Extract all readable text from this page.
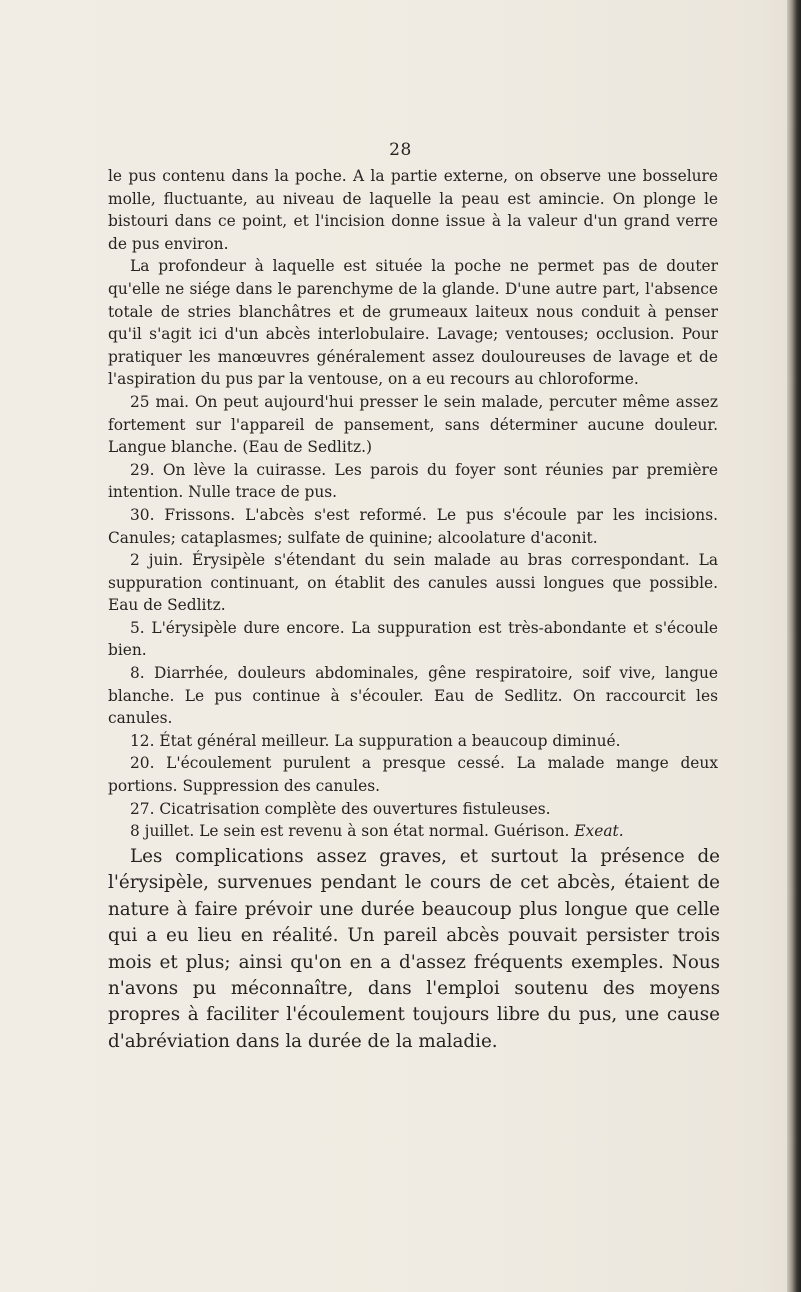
28

le pus contenu dans la poche. A la partie externe, on observe une bosselure molle, fluctuante, au niveau de laquelle la peau est amincie. On plonge le bistouri dans ce point, et l'incision donne issue à la valeur d'un grand verre de pus environ.

La profondeur à laquelle est située la poche ne permet pas de douter qu'elle ne siége dans le parenchyme de la glande. D'une autre part, l'absence totale de stries blanchâtres et de grumeaux laiteux nous conduit à penser qu'il s'agit ici d'un abcès interlobulaire. Lavage; ventouses; occlusion. Pour pratiquer les manœuvres généralement assez douloureuses de lavage et de l'aspiration du pus par la ventouse, on a eu recours au chloroforme.

25 mai. On peut aujourd'hui presser le sein malade, percuter même assez fortement sur l'appareil de pansement, sans déterminer aucune douleur. Langue blanche. (Eau de Sedlitz.)

29. On lève la cuirasse. Les parois du foyer sont réunies par première intention. Nulle trace de pus.

30. Frissons. L'abcès s'est reformé. Le pus s'écoule par les incisions. Canules; cataplasmes; sulfate de quinine; alcoolature d'aconit.

2 juin. Érysipèle s'étendant du sein malade au bras correspondant. La suppuration continuant, on établit des canules aussi longues que possible. Eau de Sedlitz.

5. L'érysipèle dure encore. La suppuration est très-abondante et s'écoule bien.

8. Diarrhée, douleurs abdominales, gêne respiratoire, soif vive, langue blanche. Le pus continue à s'écouler. Eau de Sedlitz. On raccourcit les canules.

12. État général meilleur. La suppuration a beaucoup diminué.

20. L'écoulement purulent a presque cessé. La malade mange deux portions. Suppression des canules.

27. Cicatrisation complète des ouvertures fistuleuses.

8 juillet. Le sein est revenu à son état normal. Guérison. Exeat.

Les complications assez graves, et surtout la présence de l'érysipèle, survenues pendant le cours de cet abcès, étaient de nature à faire prévoir une durée beaucoup plus longue que celle qui a eu lieu en réalité. Un pareil abcès pouvait persister trois mois et plus; ainsi qu'on en a d'assez fréquents exemples. Nous n'avons pu méconnaître, dans l'emploi soutenu des moyens propres à faciliter l'écoulement toujours libre du pus, une cause d'abréviation dans la durée de la maladie.
